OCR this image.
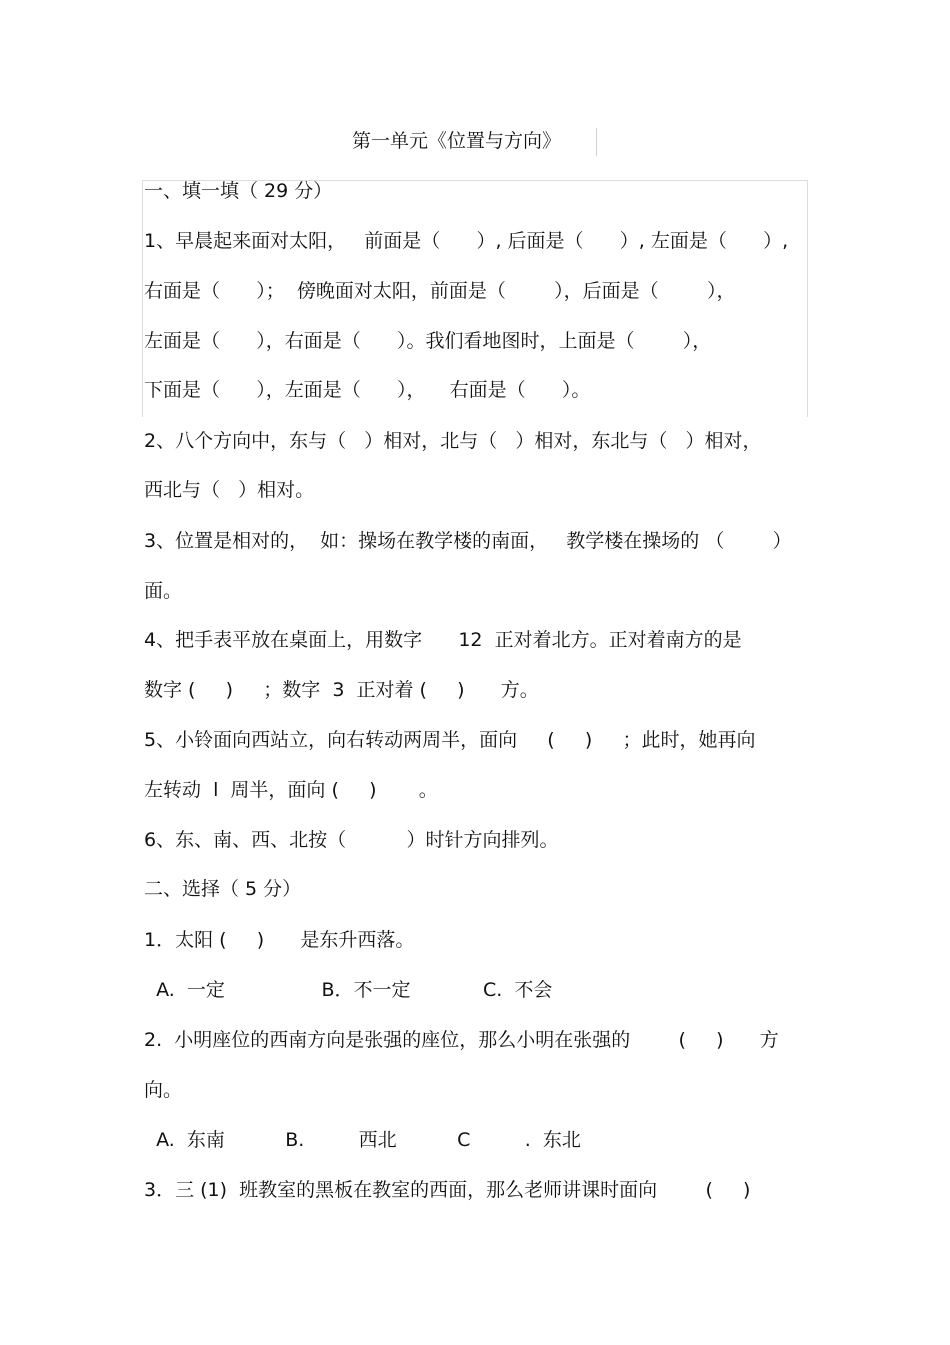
第一单元《位置与方向》
一、填一填（ 29 分）
1、早晨起来面对太阳，   前面是（      ）, 后面是（      ）, 左面是（      ）,
右面是（      ）；  傍晚面对太阳，前面是（        ），后面是（        ），
左面是（      ），右面是（      ）。我们看地图时，上面是（        ），
下面是（      ），左面是（      ），    右面是（      ）。
2、八个方向中，东与（   ）相对，北与（   ）相对，东北与（   ）相对，
西北与（   ）相对。
3、位置是相对的，  如：操场在教学楼的南面，   教学楼在操场的 （        ）
面。
4、把手表平放在桌面上，用数字      12  正对着北方。正对着南方的是
数字 (     )     ；数字  3  正对着 (     )      方。
5、小铃面向西站立，向右转动两周半，面向     (     )     ；此时，她再向
左转动  l  周半，面向 (     )       。
6、东、南、西、北按（          ）时针方向排列。
二、选择（ 5 分）
1．太阳 (     )      是东升西落。
A.  一定                B．不一定            C.  不会
2.  小明座位的西南方向是张强的座位，那么小明在张强的        (     )      方
向。
A.  东南          B.         西北          C         .  东北
3．三 (1)  班教室的黑板在教室的西面，那么老师讲课时面向        (     )
